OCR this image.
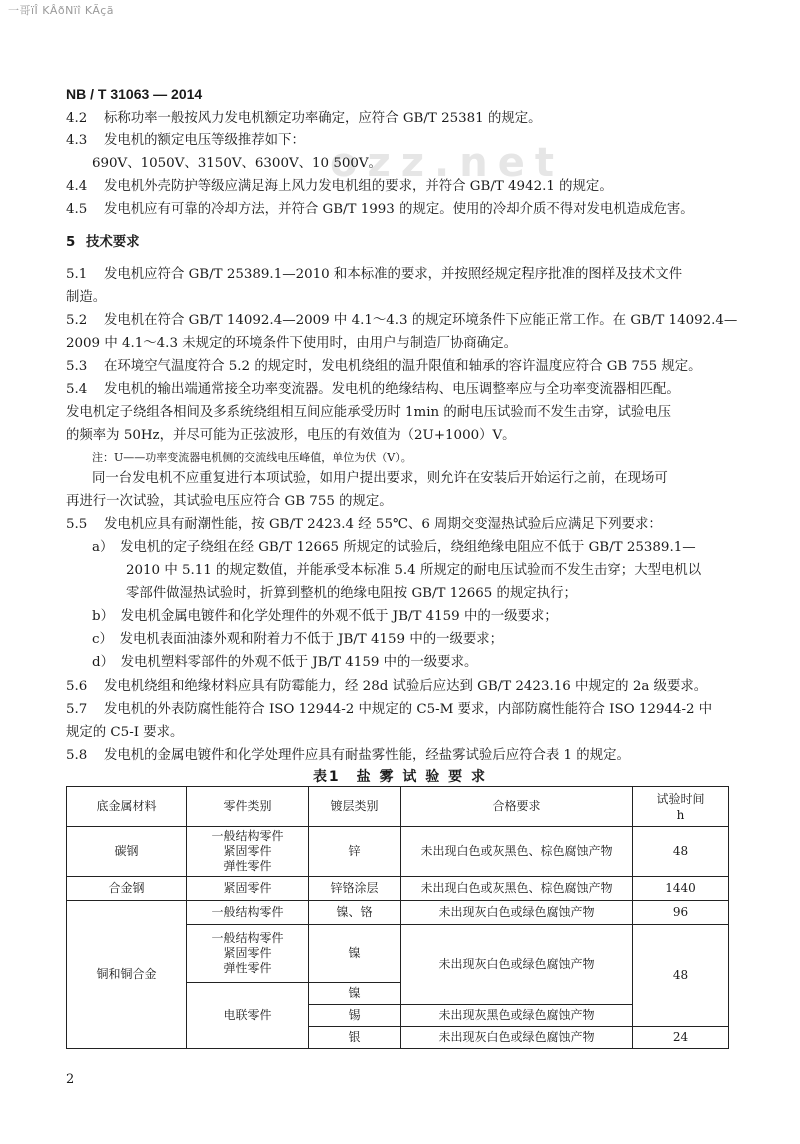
一哥ïÎ KÂðNïî KÃçã
ozz.net
NB / T 31063 — 2014
4.2 标称功率一般按风力发电机额定功率确定，应符合 GB/T 25381 的规定。
4.3 发电机的额定电压等级推荐如下：
690V、1050V、3150V、6300V、10 500V。
4.4 发电机外壳防护等级应满足海上风力发电机组的要求，并符合 GB/T 4942.1 的规定。
4.5 发电机应有可靠的冷却方法，并符合 GB/T 1993 的规定。使用的冷却介质不得对发电机造成危害。
5 技术要求
5.1 发电机应符合 GB/T 25389.1—2010 和本标准的要求，并按照经规定程序批准的图样及技术文件
制造。
5.2 发电机在符合 GB/T 14092.4—2009 中 4.1～4.3 的规定环境条件下应能正常工作。在 GB/T 14092.4—
2009 中 4.1～4.3 未规定的环境条件下使用时，由用户与制造厂协商确定。
5.3 在环境空气温度符合 5.2 的规定时，发电机绕组的温升限值和轴承的容许温度应符合 GB 755 规定。
5.4 发电机的输出端通常接全功率变流器。发电机的绝缘结构、电压调整率应与全功率变流器相匹配。
发电机定子绕组各相间及多系统绕组相互间应能承受历时 1min 的耐电压试验而不发生击穿，试验电压
的频率为 50Hz，并尽可能为正弦波形，电压的有效值为（2U+1000）V。
注：U——功率变流器电机侧的交流线电压峰值，单位为伏（V）。
同一台发电机不应重复进行本项试验，如用户提出要求，则允许在安装后开始运行之前，在现场可
再进行一次试验，其试验电压应符合 GB 755 的规定。
5.5 发电机应具有耐潮性能，按 GB/T 2423.4 经 55℃、6 周期交变湿热试验后应满足下列要求：
a）　发电机的定子绕组在经 GB/T 12665 所规定的试验后，绕组绝缘电阻应不低于 GB/T 25389.1—
2010 中 5.11 的规定数值，并能承受本标准 5.4 所规定的耐电压试验而不发生击穿；大型电机以
零部件做湿热试验时，折算到整机的绝缘电阻按 GB/T 12665 的规定执行；
b）　发电机金属电镀件和化学处理件的外观不低于 JB/T 4159 中的一级要求；
c）　发电机表面油漆外观和附着力不低于 JB/T 4159 中的一级要求；
d）　发电机塑料零部件的外观不低于 JB/T 4159 中的一级要求。
5.6 发电机绕组和绝缘材料应具有防霉能力，经 28d 试验后应达到 GB/T 2423.16 中规定的 2a 级要求。
5.7 发电机的外表防腐性能符合 ISO 12944-2 中规定的 C5-M 要求，内部防腐性能符合 ISO 12944-2 中
规定的 C5-I 要求。
5.8 发电机的金属电镀件和化学处理件应具有耐盐雾性能，经盐雾试验后应符合表 1 的规定。
表1　盐 雾 试 验 要 求
底金属材料	零件类别	镀层类别	合格要求	试验时间
h

碳钢	一般结构零件
紧固零件
弹性零件	锌	未出现白色或灰黑色、棕色腐蚀产物	48
合金钢	紧固零件	锌铬涂层	未出现白色或灰黑色、棕色腐蚀产物	1440
铜和铜合金	一般结构零件	镍、铬	未出现灰白色或绿色腐蚀产物	96

	一般结构零件
紧固零件
弹性零件	镍	未出现灰白色或绿色腐蚀产物	48
	电联零件	镍		
		锡	未出现灰黑色或绿色腐蚀产物	
		银	未出现灰白色或绿色腐蚀产物	24
2
